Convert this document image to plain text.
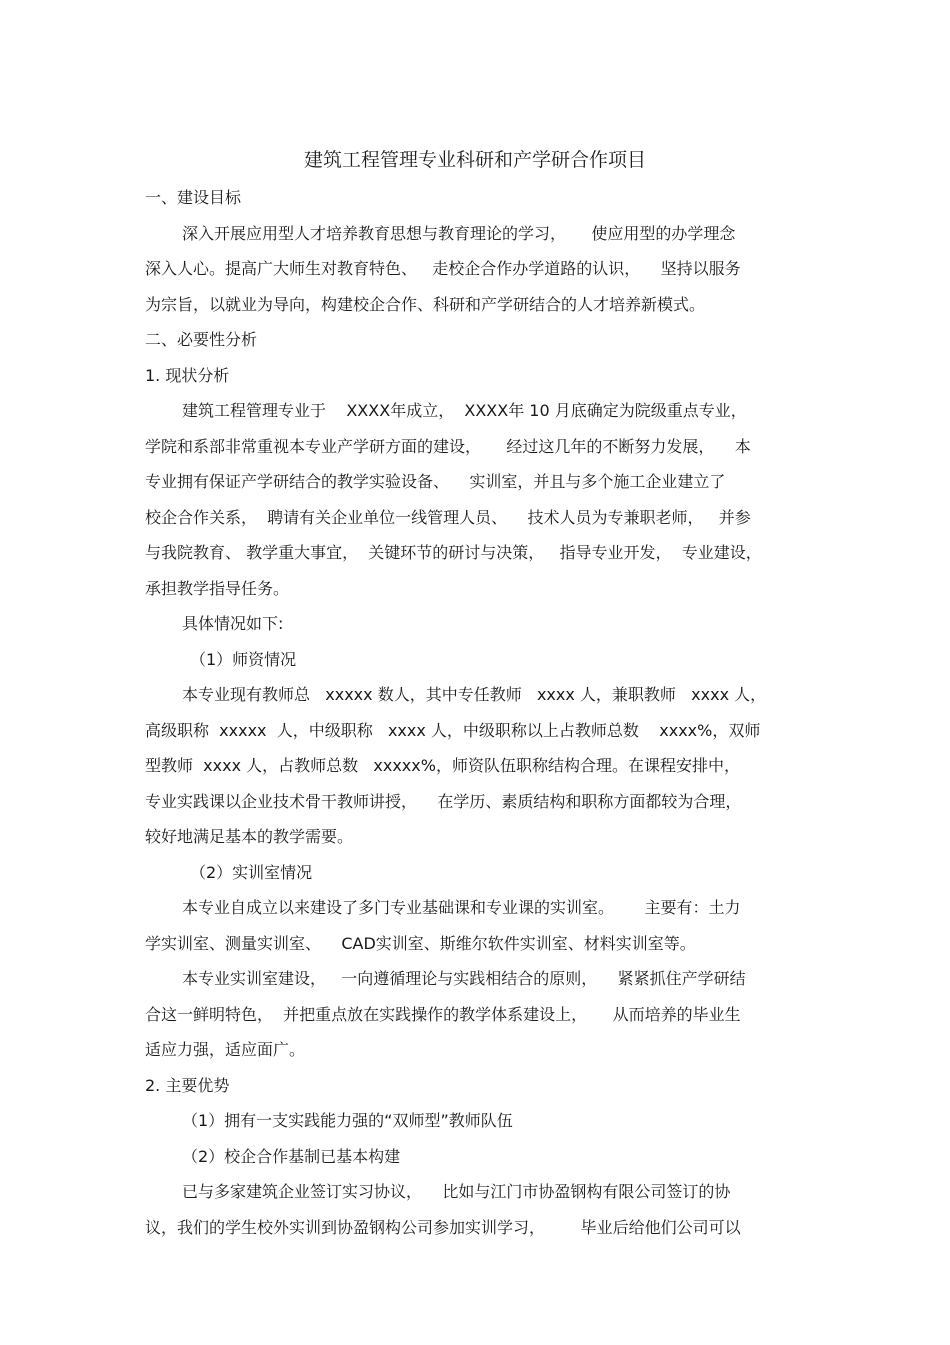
建筑工程管理专业科研和产学研合作项目
一、建设目标
深入开展应用型人才培养教育思想与教育理论的学习，     使应用型的办学理念
深入人心。提高广大师生对教育特色、   走校企合作办学道路的认识，    坚持以服务
为宗旨，以就业为导向，构建校企合作、科研和产学研结合的人才培养新模式。
二、必要性分析
1. 现状分析
建筑工程管理专业于    XXXX年成立，  XXXX年 10 月底确定为院级重点专业，
学院和系部非常重视本专业产学研方面的建设，     经过这几年的不断努力发展，    本
专业拥有保证产学研结合的教学实验设备、    实训室，并且与多个施工企业建立了
校企合作关系，  聘请有关企业单位一线管理人员、    技术人员为专兼职老师，   并参
与我院教育、 教学重大事宜，  关键环节的研讨与决策，   指导专业开发，  专业建设，
承担教学指导任务。
具体情况如下:
（1）师资情况
本专业现有教师总   xxxxx 数人，其中专任教师   xxxx 人，兼职教师   xxxx 人，
高级职称  xxxxx  人，中级职称   xxxx 人，中级职称以上占教师总数    xxxx%，双师
型教师  xxxx 人，占教师总数   xxxxx%，师资队伍职称结构合理。在课程安排中，
专业实践课以企业技术骨干教师讲授，    在学历、素质结构和职称方面都较为合理，
较好地满足基本的教学需要。
（2）实训室情况
本专业自成立以来建设了多门专业基础课和专业课的实训室。      主要有：土力
学实训室、测量实训室、    CAD实训室、斯维尔软件实训室、材料实训室等。
本专业实训室建设，   一向遵循理论与实践相结合的原则，    紧紧抓住产学研结
合这一鲜明特色，  并把重点放在实践操作的教学体系建设上，     从而培养的毕业生
适应力强，适应面广。
2. 主要优势
（1）拥有一支实践能力强的“双师型”教师队伍
（2）校企合作基制已基本构建
已与多家建筑企业签订实习协议，    比如与江门市协盈钢构有限公司签订的协
议，我们的学生校外实训到协盈钢构公司参加实训学习，       毕业后给他们公司可以
